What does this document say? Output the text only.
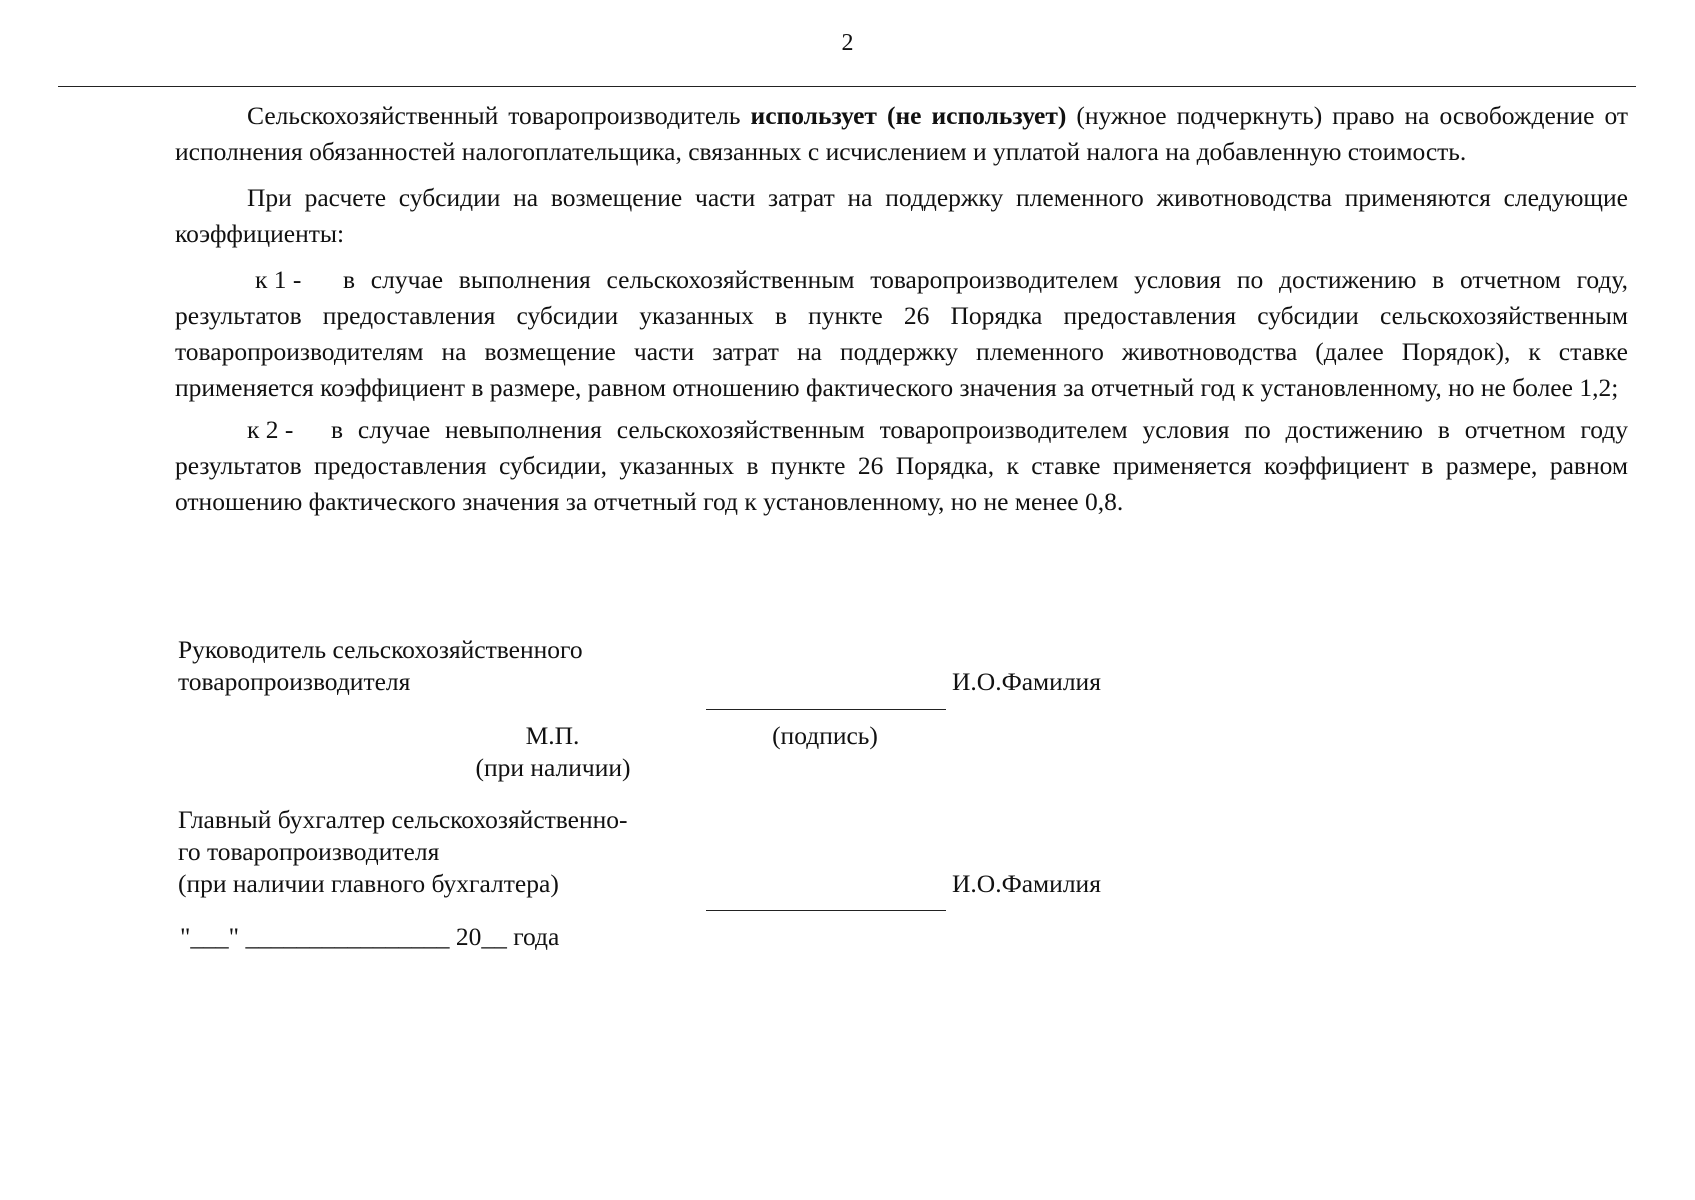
2

Сельскохозяйственный товаропроизводитель использует (не использует) (нужное подчеркнуть) право на освобождение от исполнения обязанностей налогоплательщика, связанных с исчислением и уплатой налога на добавленную стоимость.

При расчете субсидии на возмещение части затрат на поддержку племенного животноводства применяются следующие коэффициенты:

к 1 - в случае выполнения сельскохозяйственным товаропроизводителем условия по достижению в отчетном году, результатов предоставления субсидии указанных в пункте 26 Порядка предоставления субсидии сельскохозяйственным товаропроизводителям на возмещение части затрат на поддержку племенного животноводства (далее Порядок), к ставке применяется коэффициент в размере, равном отношению фактического значения за отчетный год к установленному, но не более 1,2;

к 2 - в случае невыполнения сельскохозяйственным товаропроизводителем условия по достижению в отчетном году результатов предоставления субсидии, указанных в пункте 26 Порядка, к ставке применяется коэффициент в размере, равном отношению фактического значения за отчетный год к установленному, но не менее 0,8.

Руководитель сельскохозяйственного
товаропроизводителя	И.О.Фамилия
М.П.
(при наличии)
(подпись)
Главный бухгалтер сельскохозяйственно-
го товаропроизводителя
(при наличии главного бухгалтера)	И.О.Фамилия
"___" ________________ 20__ года
